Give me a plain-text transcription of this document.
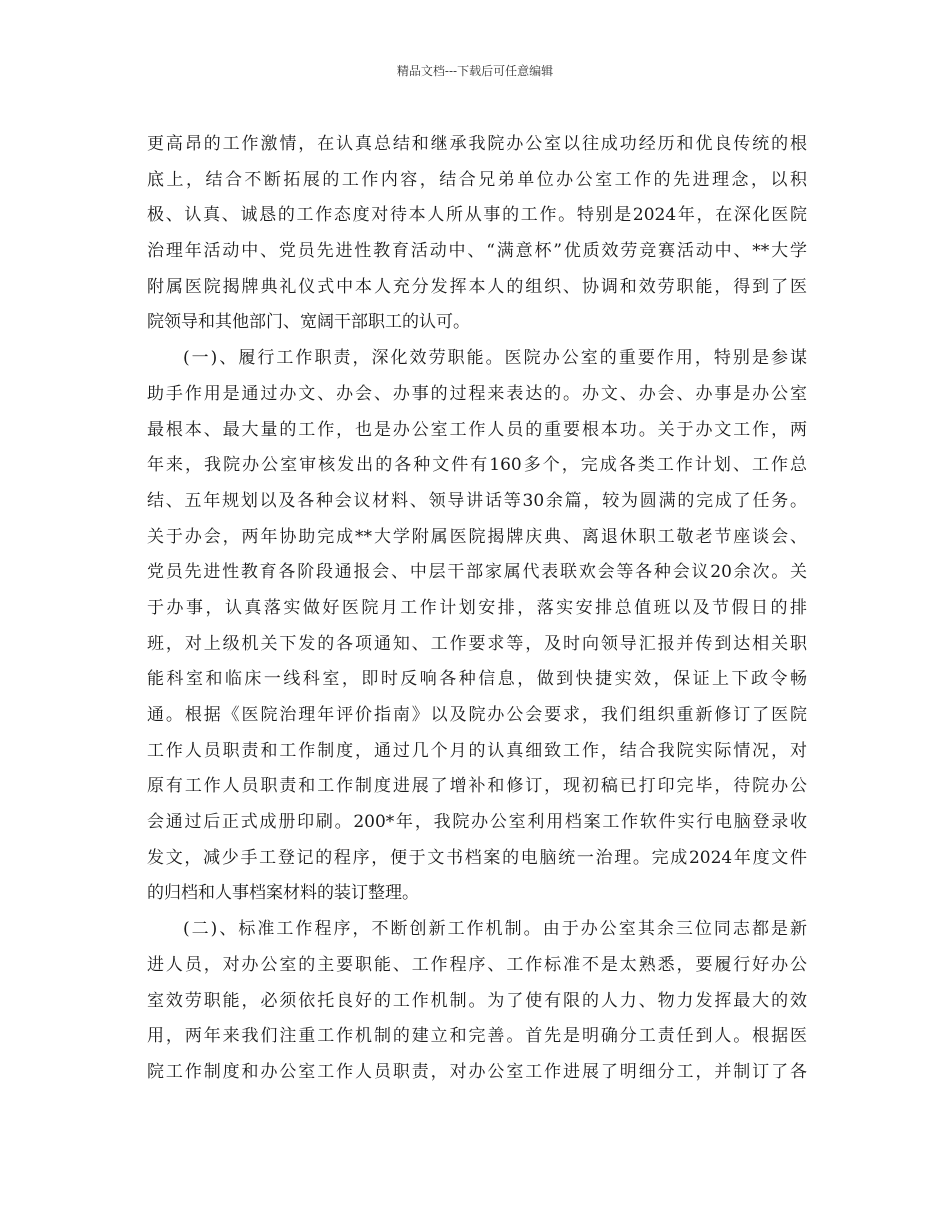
精品文档---下载后可任意编辑
更高昂的工作激情，在认真总结和继承我院办公室以往成功经历和优良传统的根
底上，结合不断拓展的工作内容，结合兄弟单位办公室工作的先进理念，以积
极、认真、诚恳的工作态度对待本人所从事的工作。特别是2024年，在深化医院
治理年活动中、党员先进性教育活动中、“满意杯”优质效劳竞赛活动中、**大学
附属医院揭牌典礼仪式中本人充分发挥本人的组织、协调和效劳职能，得到了医
院领导和其他部门、宽阔干部职工的认可。
(一)、履行工作职责，深化效劳职能。医院办公室的重要作用，特别是参谋
助手作用是通过办文、办会、办事的过程来表达的。办文、办会、办事是办公室
最根本、最大量的工作，也是办公室工作人员的重要根本功。关于办文工作，两
年来，我院办公室审核发出的各种文件有160多个，完成各类工作计划、工作总
结、五年规划以及各种会议材料、领导讲话等30余篇，较为圆满的完成了任务。
关于办会，两年协助完成**大学附属医院揭牌庆典、离退休职工敬老节座谈会、
党员先进性教育各阶段通报会、中层干部家属代表联欢会等各种会议20余次。关
于办事，认真落实做好医院月工作计划安排，落实安排总值班以及节假日的排
班，对上级机关下发的各项通知、工作要求等，及时向领导汇报并传到达相关职
能科室和临床一线科室，即时反响各种信息，做到快捷实效，保证上下政令畅
通。根据《医院治理年评价指南》以及院办公会要求，我们组织重新修订了医院
工作人员职责和工作制度，通过几个月的认真细致工作，结合我院实际情况，对
原有工作人员职责和工作制度进展了增补和修订，现初稿已打印完毕，待院办公
会通过后正式成册印刷。200*年，我院办公室利用档案工作软件实行电脑登录收
发文，减少手工登记的程序，便于文书档案的电脑统一治理。完成2024年度文件
的归档和人事档案材料的装订整理。
(二)、标准工作程序，不断创新工作机制。由于办公室其余三位同志都是新
进人员，对办公室的主要职能、工作程序、工作标准不是太熟悉，要履行好办公
室效劳职能，必须依托良好的工作机制。为了使有限的人力、物力发挥最大的效
用，两年来我们注重工作机制的建立和完善。首先是明确分工责任到人。根据医
院工作制度和办公室工作人员职责，对办公室工作进展了明细分工，并制订了各
